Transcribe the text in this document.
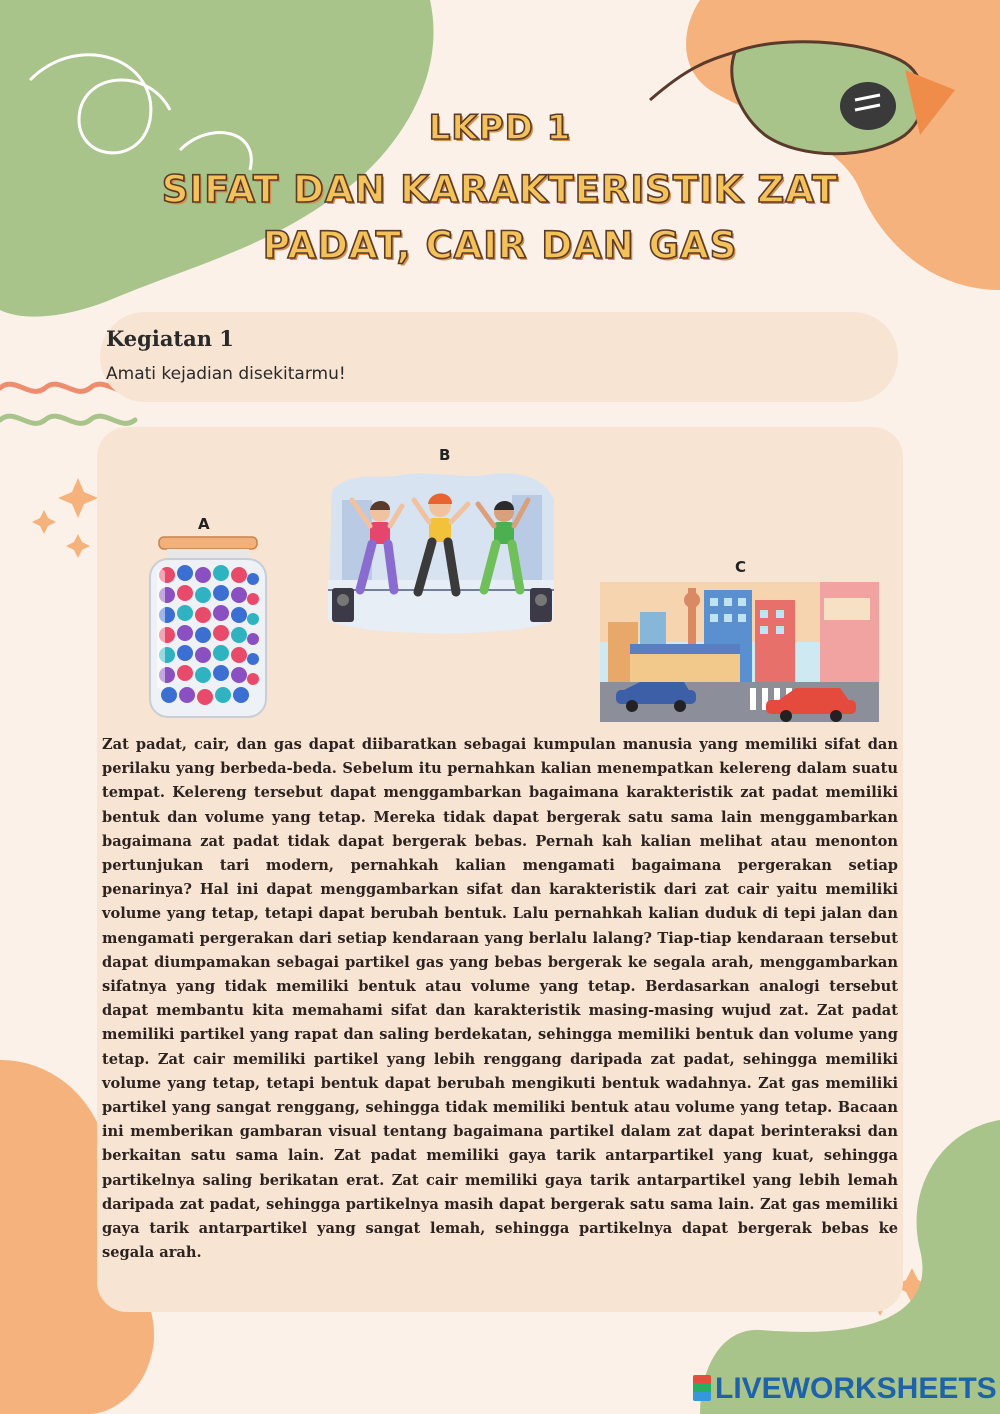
LKPD 1
SIFAT DAN KARAKTERISTIK ZAT
PADAT, CAIR DAN GAS
Kegiatan 1
Amati kejadian disekitarmu!
A
B
C
Zat padat, cair, dan gas dapat diibaratkan sebagai kumpulan manusia yang memiliki sifat dan perilaku yang berbeda-beda. Sebelum itu pernahkan kalian menempatkan kelereng dalam suatu tempat. Kelereng tersebut dapat menggambarkan bagaimana karakteristik zat padat memiliki bentuk dan volume yang tetap. Mereka tidak dapat bergerak satu sama lain menggambarkan bagaimana zat padat tidak dapat bergerak bebas. Pernah kah kalian melihat atau menonton pertunjukan tari modern, pernahkah kalian mengamati bagaimana pergerakan setiap penarinya? Hal ini dapat menggambarkan sifat dan karakteristik dari zat cair yaitu memiliki volume yang tetap, tetapi dapat berubah bentuk. Lalu pernahkah kalian duduk di tepi jalan dan mengamati pergerakan dari setiap kendaraan yang berlalu lalang? Tiap-tiap kendaraan tersebut dapat diumpamakan sebagai partikel gas yang bebas bergerak ke segala arah, menggambarkan sifatnya yang tidak memiliki bentuk atau volume yang tetap. Berdasarkan analogi tersebut dapat membantu kita memahami sifat dan karakteristik masing-masing wujud zat. Zat padat memiliki partikel yang rapat dan saling berdekatan, sehingga memiliki bentuk dan volume yang tetap. Zat cair memiliki partikel yang lebih renggang daripada zat padat, sehingga memiliki volume yang tetap, tetapi bentuk dapat berubah mengikuti bentuk wadahnya. Zat gas memiliki partikel yang sangat renggang, sehingga tidak memiliki bentuk atau volume yang tetap. Bacaan ini memberikan gambaran visual tentang bagaimana partikel dalam zat dapat berinteraksi dan berkaitan satu sama lain. Zat padat memiliki gaya tarik antarpartikel yang kuat, sehingga partikelnya saling berikatan erat. Zat cair memiliki gaya tarik antarpartikel yang lebih lemah daripada zat padat, sehingga partikelnya masih dapat bergerak satu sama lain. Zat gas memiliki gaya tarik antarpartikel yang sangat lemah, sehingga partikelnya dapat bergerak bebas ke segala arah.
LIVEWORKSHEETS
